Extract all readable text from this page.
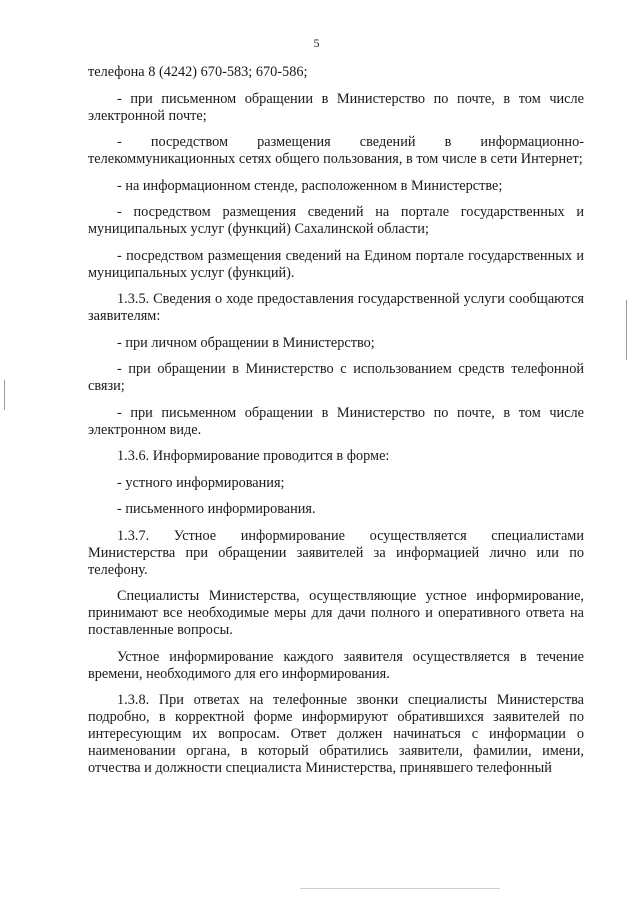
5

телефона 8 (4242) 670-583; 670-586;

- при письменном обращении в Министерство по почте, в том числе электронной почте;

- посредством размещения сведений в информационно-телекоммуникационных сетях общего пользования, в том числе в сети Интернет;

- на информационном стенде, расположенном в Министерстве;

- посредством размещения сведений на портале государственных и муниципальных услуг (функций) Сахалинской области;

- посредством размещения сведений на Едином портале государственных и муниципальных услуг (функций).

1.3.5. Сведения о ходе предоставления государственной услуги сообщаются заявителям:

- при личном обращении в Министерство;

- при обращении в Министерство с использованием средств телефонной связи;

- при письменном обращении в Министерство по почте, в том числе электронном виде.

1.3.6. Информирование проводится в форме:

- устного информирования;

- письменного информирования.

1.3.7. Устное информирование осуществляется специалистами Министерства при обращении заявителей за информацией лично или по телефону.

Специалисты Министерства, осуществляющие устное информирование, принимают все необходимые меры для дачи полного и оперативного ответа на поставленные вопросы.

Устное информирование каждого заявителя осуществляется в течение времени, необходимого для его информирования.

1.3.8. При ответах на телефонные звонки специалисты Министерства подробно, в корректной форме информируют обратившихся заявителей по интересующим их вопросам. Ответ должен начинаться с информации о наименовании органа, в который обратились заявители, фамилии, имени, отчества и должности специалиста Министерства, принявшего телефонный
